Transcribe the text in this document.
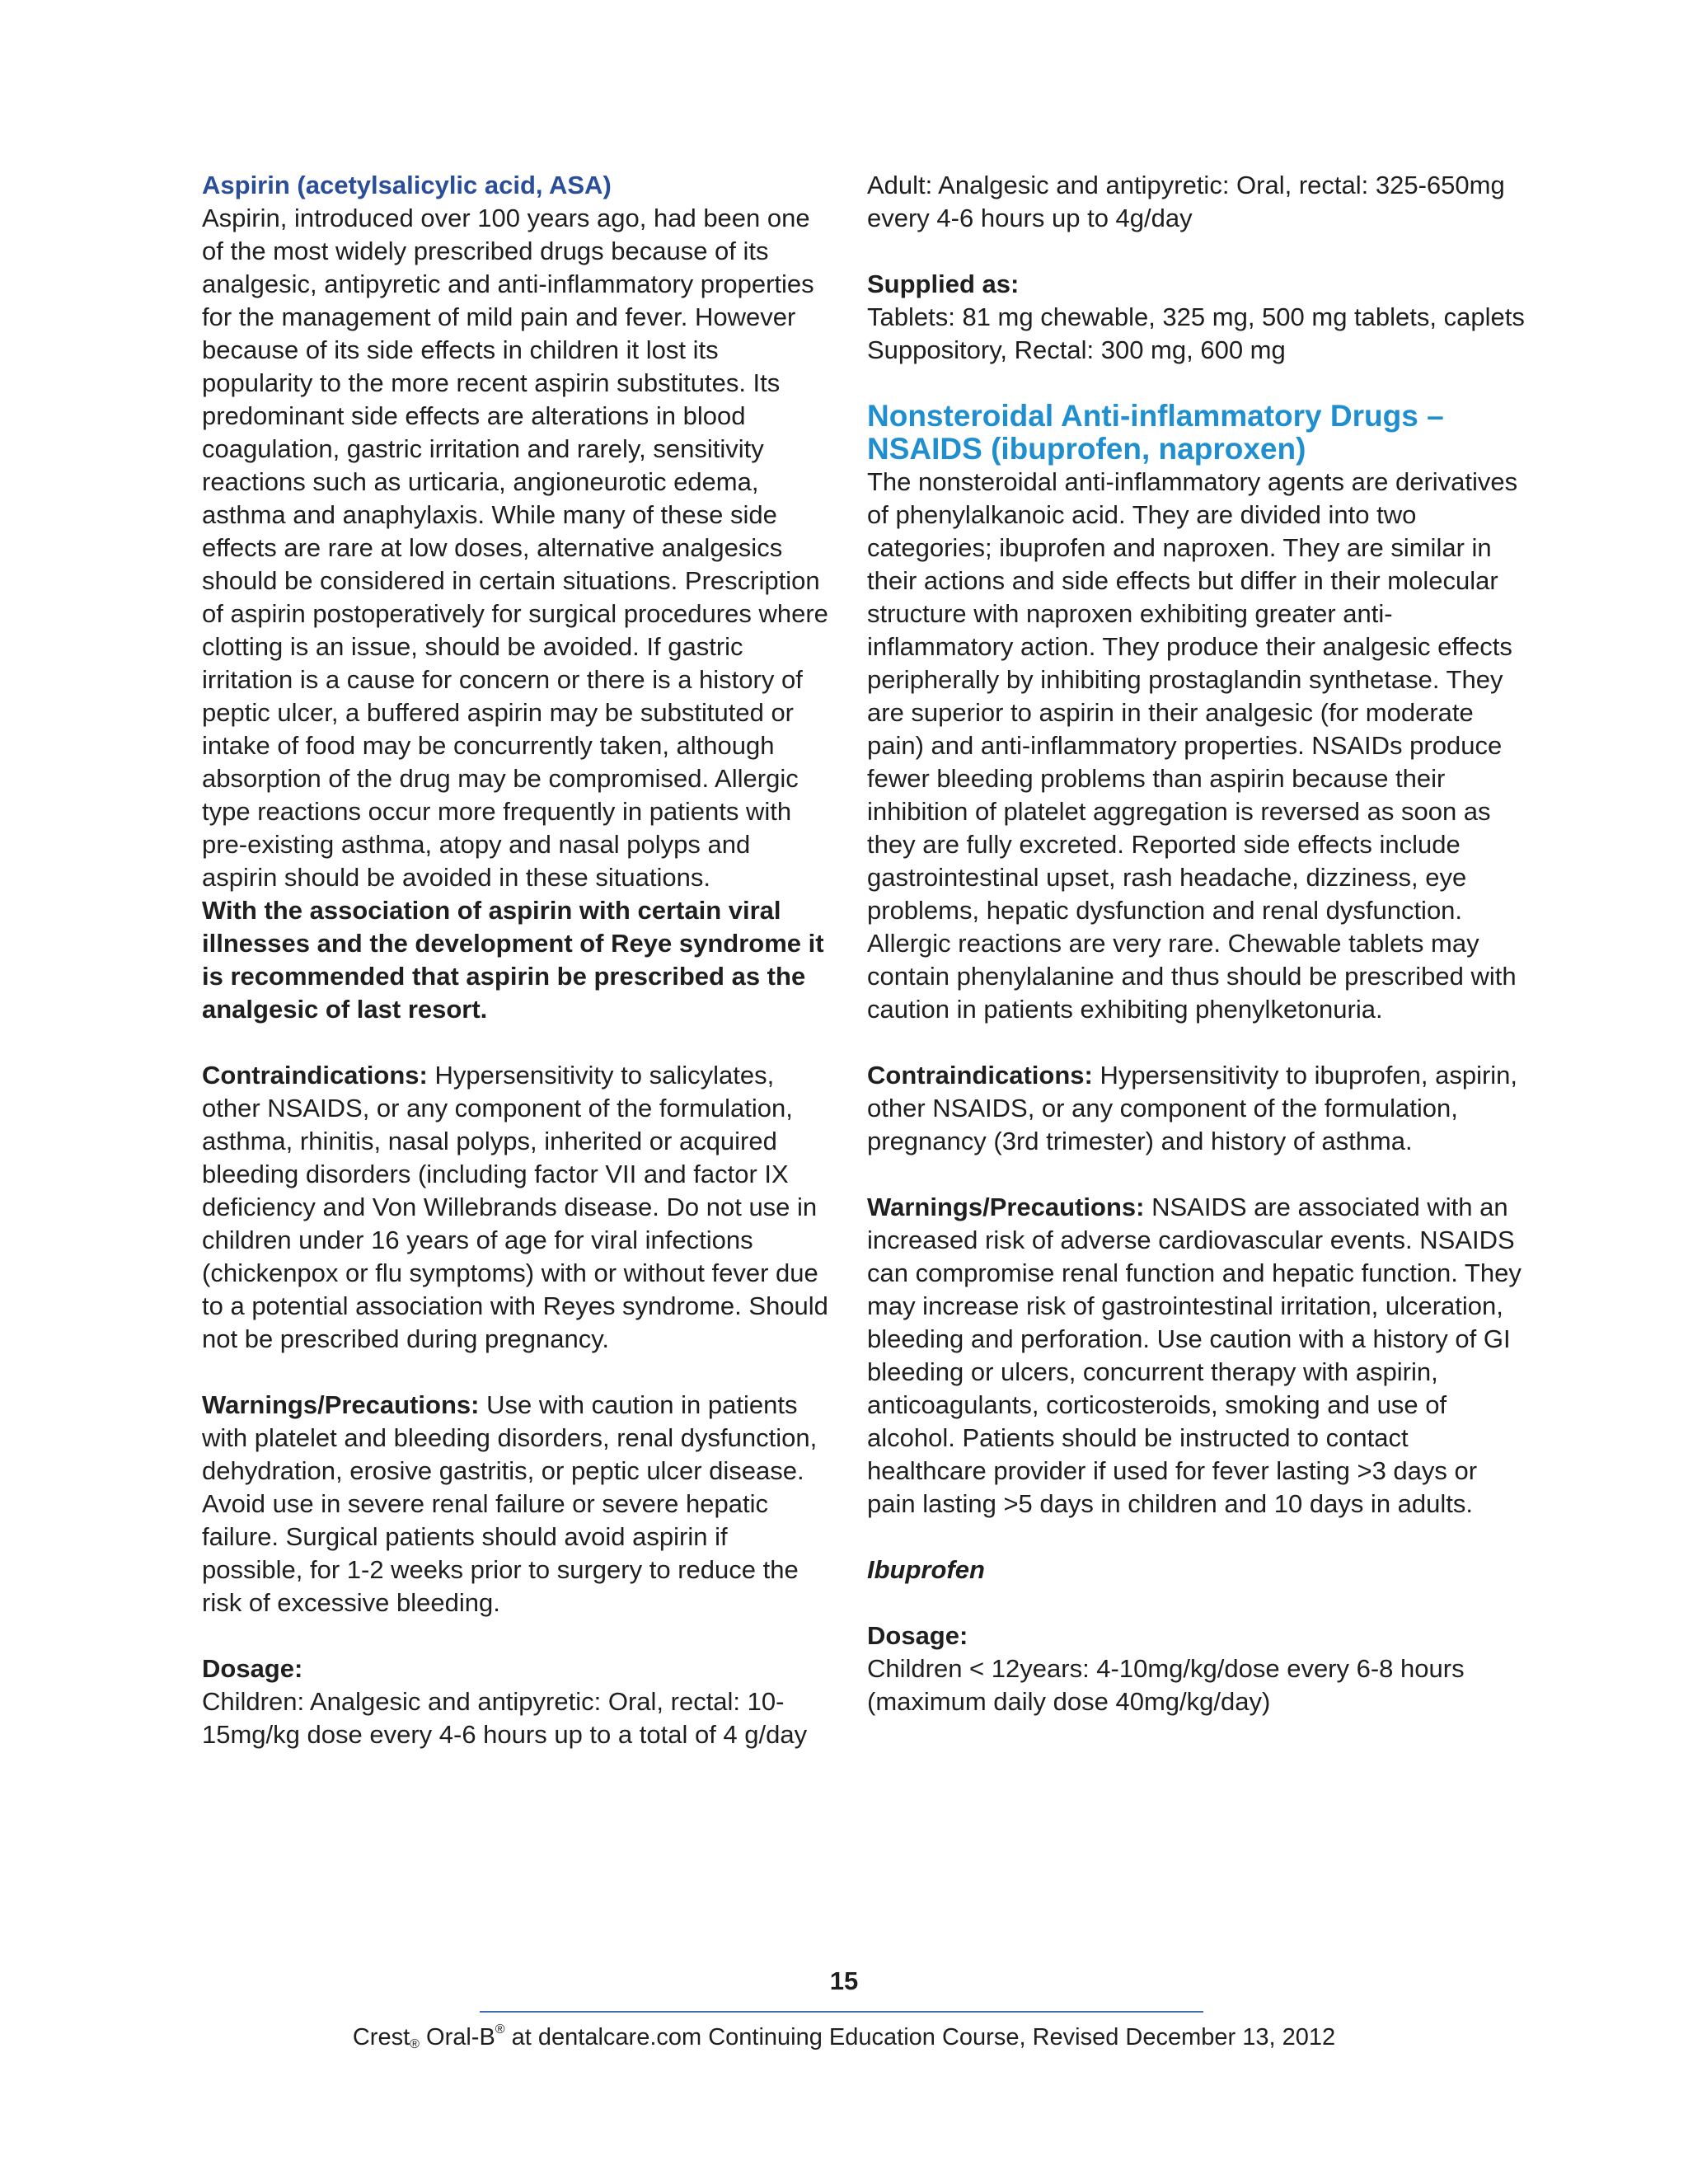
Aspirin (acetylsalicylic acid, ASA)

Aspirin, introduced over 100 years ago, had been one of the most widely prescribed drugs because of its analgesic, antipyretic and anti-inflammatory properties for the management of mild pain and fever. However because of its side effects in children it lost its popularity to the more recent aspirin substitutes. Its predominant side effects are alterations in blood coagulation, gastric irritation and rarely, sensitivity reactions such as urticaria, angioneurotic edema, asthma and anaphylaxis. While many of these side effects are rare at low doses, alternative analgesics should be considered in certain situations. Prescription of aspirin postoperatively for surgical procedures where clotting is an issue, should be avoided. If gastric irritation is a cause for concern or there is a history of peptic ulcer, a buffered aspirin may be substituted or intake of food may be concurrently taken, although absorption of the drug may be compromised. Allergic type reactions occur more frequently in patients with pre-existing asthma, atopy and nasal polyps and aspirin should be avoided in these situations.

With the association of aspirin with certain viral illnesses and the development of Reye syndrome it is recommended that aspirin be prescribed as the analgesic of last resort.

Contraindications: Hypersensitivity to salicylates, other NSAIDS, or any component of the formulation, asthma, rhinitis, nasal polyps, inherited or acquired bleeding disorders (including factor VII and factor IX deficiency and Von Willebrands disease. Do not use in children under 16 years of age for viral infections (chickenpox or flu symptoms) with or without fever due to a potential association with Reyes syndrome. Should not be prescribed during pregnancy.

Warnings/Precautions: Use with caution in patients with platelet and bleeding disorders, renal dysfunction, dehydration, erosive gastritis, or peptic ulcer disease. Avoid use in severe renal failure or severe hepatic failure. Surgical patients should avoid aspirin if possible, for 1-2 weeks prior to surgery to reduce the risk of excessive bleeding.

Dosage:

Children: Analgesic and antipyretic: Oral, rectal: 10-15mg/kg dose every 4-6 hours up to a total of 4 g/day

Adult: Analgesic and antipyretic: Oral, rectal: 325-650mg every 4-6 hours up to 4g/day

Supplied as:

Tablets: 81 mg chewable, 325 mg, 500 mg tablets, caplets

Suppository, Rectal: 300 mg, 600 mg

Nonsteroidal Anti-inflammatory Drugs – NSAIDS (ibuprofen, naproxen)

The nonsteroidal anti-inflammatory agents are derivatives of phenylalkanoic acid. They are divided into two categories; ibuprofen and naproxen. They are similar in their actions and side effects but differ in their molecular structure with naproxen exhibiting greater anti-inflammatory action. They produce their analgesic effects peripherally by inhibiting prostaglandin synthetase. They are superior to aspirin in their analgesic (for moderate pain) and anti-inflammatory properties. NSAIDs produce fewer bleeding problems than aspirin because their inhibition of platelet aggregation is reversed as soon as they are fully excreted. Reported side effects include gastrointestinal upset, rash headache, dizziness, eye problems, hepatic dysfunction and renal dysfunction. Allergic reactions are very rare. Chewable tablets may contain phenylalanine and thus should be prescribed with caution in patients exhibiting phenylketonuria.

Contraindications: Hypersensitivity to ibuprofen, aspirin, other NSAIDS, or any component of the formulation, pregnancy (3rd trimester) and history of asthma.

Warnings/Precautions: NSAIDS are associated with an increased risk of adverse cardiovascular events. NSAIDS can compromise renal function and hepatic function. They may increase risk of gastrointestinal irritation, ulceration, bleeding and perforation. Use caution with a history of GI bleeding or ulcers, concurrent therapy with aspirin, anticoagulants, corticosteroids, smoking and use of alcohol. Patients should be instructed to contact healthcare provider if used for fever lasting >3 days or pain lasting >5 days in children and 10 days in adults.

Ibuprofen
Dosage:

Children < 12years: 4-10mg/kg/dose every 6-8 hours (maximum daily dose 40mg/kg/day)

15
Crest$_®$ Oral-B® at dentalcare.com Continuing Education Course, Revised December 13, 2012
